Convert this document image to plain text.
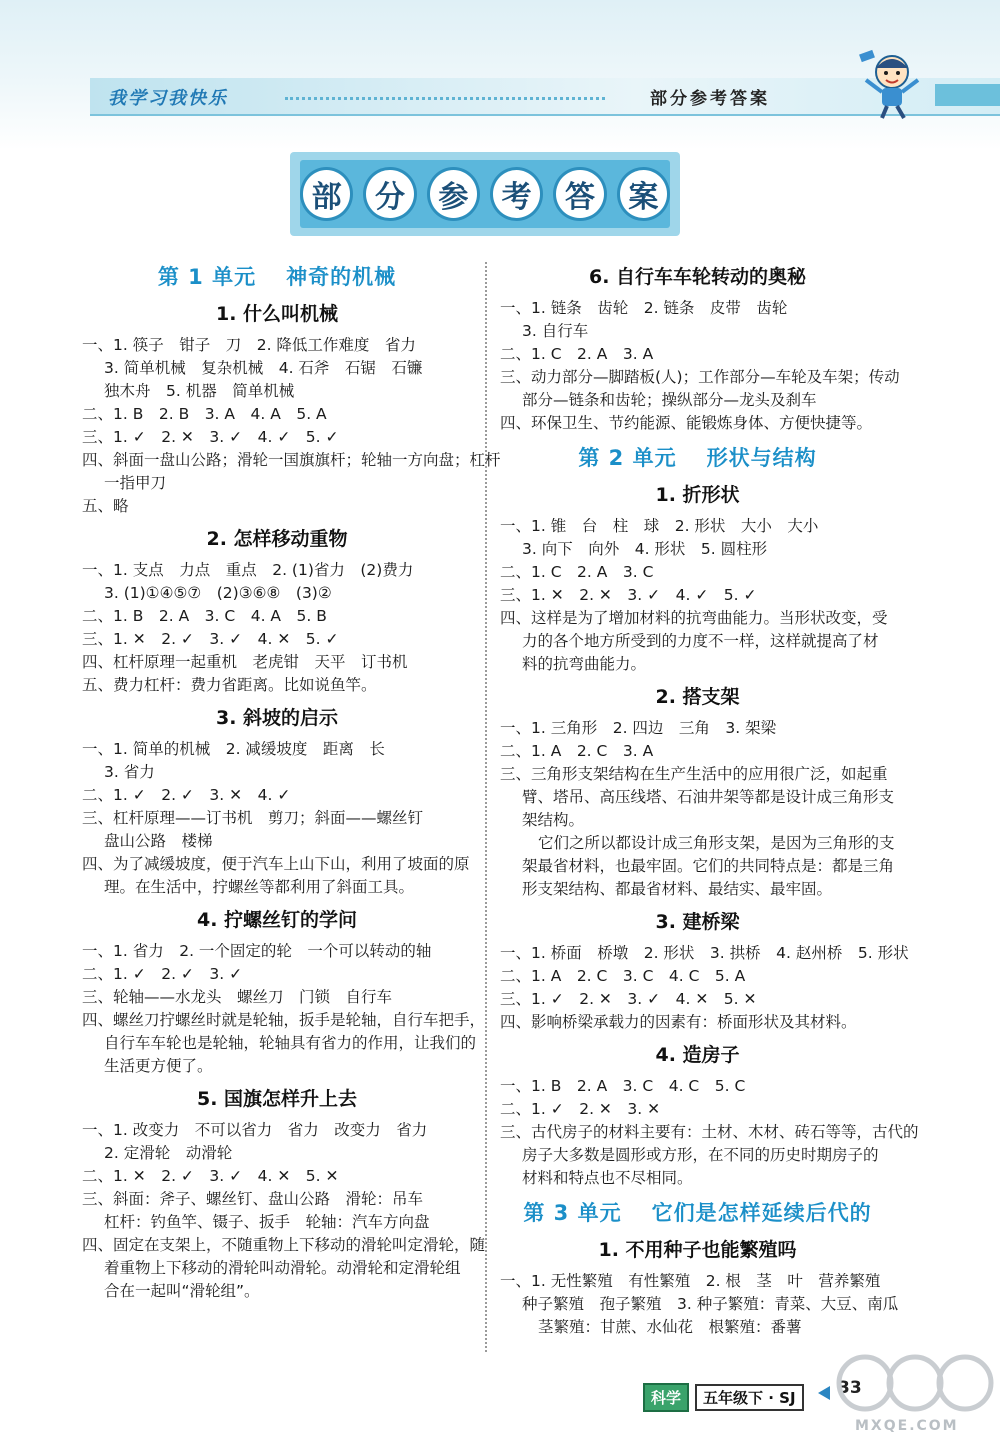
我学习我快乐	部分参考答案
部	分	参	考	答	案
第 1 单元 神奇的机械
1. 什么叫机械
一、1. 筷子　钳子　刀　2. 降低工作难度　省力
3. 简单机械　复杂机械　4. 石斧　石锯　石镰
独木舟　5. 机器　简单机械
二、1. B　2. B　3. A　4. A　5. A
三、1. ✓　2. ✕　3. ✓　4. ✓　5. ✓
四、斜面一盘山公路；滑轮一国旗旗杆；轮轴一方向盘；杠杆
一指甲刀
五、略
2. 怎样移动重物
一、1. 支点　力点　重点　2. (1)省力　(2)费力
3. (1)①④⑤⑦　(2)③⑥⑧　(3)②
二、1. B　2. A　3. C　4. A　5. B
三、1. ✕　2. ✓　3. ✓　4. ✕　5. ✓
四、杠杆原理一起重机　老虎钳　天平　订书机
五、费力杠杆：费力省距离。比如说鱼竿。
3. 斜坡的启示
一、1. 简单的机械　2. 减缓坡度　距离　长
3. 省力
二、1. ✓　2. ✓　3. ✕　4. ✓
三、杠杆原理——订书机　剪刀；斜面——螺丝钉
盘山公路　楼梯
四、为了减缓坡度，便于汽车上山下山，利用了坡面的原
理。在生活中，拧螺丝等都利用了斜面工具。
4. 拧螺丝钉的学问
一、1. 省力　2. 一个固定的轮　一个可以转动的轴
二、1. ✓　2. ✓　3. ✓
三、轮轴——水龙头　螺丝刀　门锁　自行车
四、螺丝刀拧螺丝时就是轮轴，扳手是轮轴，自行车把手，
自行车车轮也是轮轴，轮轴具有省力的作用，让我们的
生活更方便了。
5. 国旗怎样升上去
一、1. 改变力　不可以省力　省力　改变力　省力
2. 定滑轮　动滑轮
二、1. ✕　2. ✓　3. ✓　4. ✕　5. ✕
三、斜面：斧子、螺丝钉、盘山公路　滑轮：吊车
杠杆：钓鱼竿、镊子、扳手　轮轴：汽车方向盘
四、固定在支架上，不随重物上下移动的滑轮叫定滑轮，随
着重物上下移动的滑轮叫动滑轮。动滑轮和定滑轮组
合在一起叫“滑轮组”。
6. 自行车车轮转动的奥秘
一、1. 链条　齿轮　2. 链条　皮带　齿轮
3. 自行车
二、1. C　2. A　3. A
三、动力部分—脚踏板(人)；工作部分—车轮及车架；传动
部分—链条和齿轮；操纵部分—龙头及刹车
四、环保卫生、节约能源、能锻炼身体、方便快捷等。
第 2 单元 形状与结构
1. 折形状
一、1. 锥　台　柱　球　2. 形状　大小　大小
3. 向下　向外　4. 形状　5. 圆柱形
二、1. C　2. A　3. C
三、1. ✕　2. ✕　3. ✓　4. ✓　5. ✓
四、这样是为了增加材料的抗弯曲能力。当形状改变，受
力的各个地方所受到的力度不一样，这样就提高了材
料的抗弯曲能力。
2. 搭支架
一、1. 三角形　2. 四边　三角　3. 架梁
二、1. A　2. C　3. A
三、三角形支架结构在生产生活中的应用很广泛，如起重
臂、塔吊、高压线塔、石油井架等都是设计成三角形支
架结构。
它们之所以都设计成三角形支架，是因为三角形的支
架最省材料，也最牢固。它们的共同特点是：都是三角
形支架结构、都最省材料、最结实、最牢固。
3. 建桥梁
一、1. 桥面　桥墩　2. 形状　3. 拱桥　4. 赵州桥　5. 形状
二、1. A　2. C　3. C　4. C　5. A
三、1. ✓　2. ✕　3. ✓　4. ✕　5. ✕
四、影响桥梁承载力的因素有：桥面形状及其材料。
4. 造房子
一、1. B　2. A　3. C　4. C　5. C
二、1. ✓　2. ✕　3. ✕
三、古代房子的材料主要有：土材、木材、砖石等等，古代的
房子大多数是圆形或方形，在不同的历史时期房子的
材料和特点也不尽相同。
第 3 单元 它们是怎样延续后代的
1. 不用种子也能繁殖吗
一、1. 无性繁殖　有性繁殖　2. 根　茎　叶　营养繁殖
种子繁殖　孢子繁殖　3. 种子繁殖：青菜、大豆、南瓜
茎繁殖：甘蔗、水仙花　根繁殖：番薯
科学	五年级下 · SJ	33
MXQE.COM
